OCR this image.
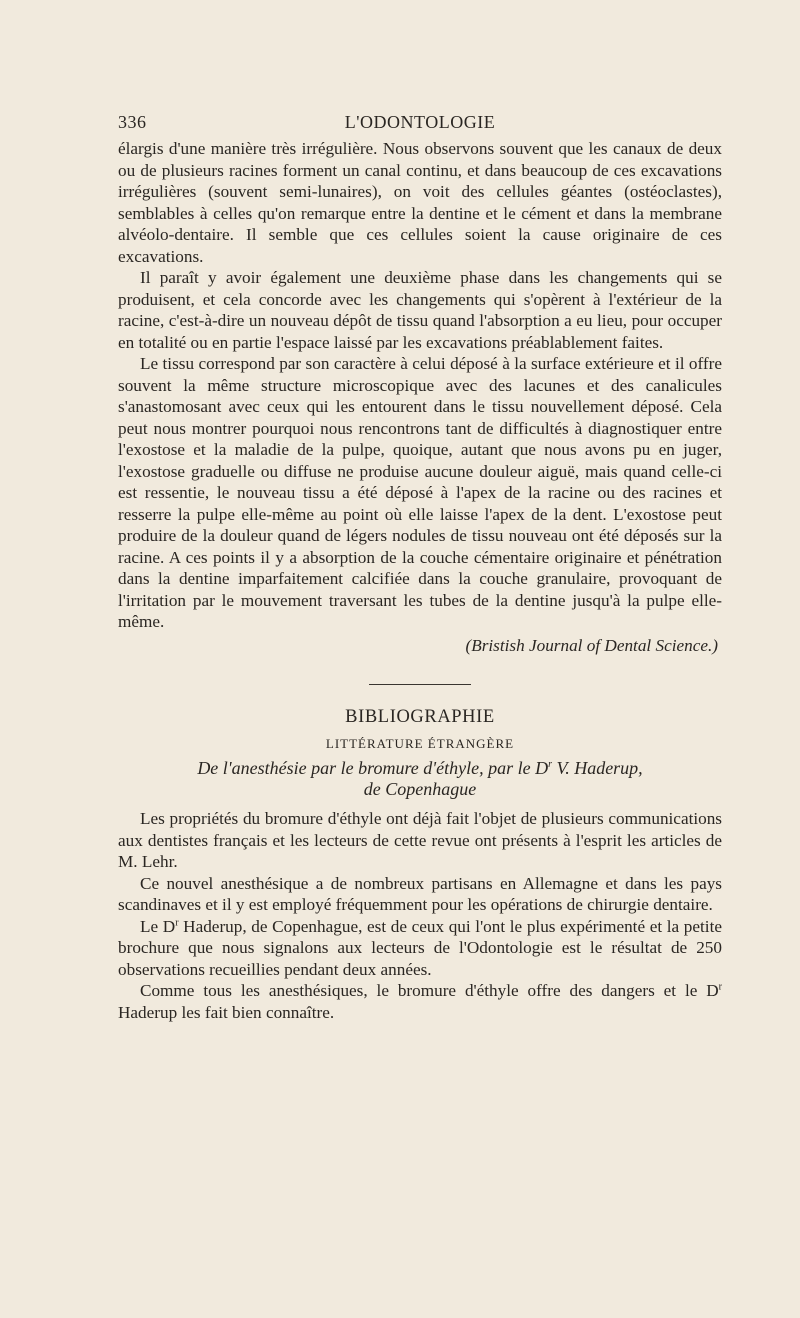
336	L'ODONTOLOGIE

élargis d'une manière très irrégulière. Nous observons souvent que les canaux de deux ou de plusieurs racines forment un canal continu, et dans beaucoup de ces excavations irrégulières (souvent semi-lunaires), on voit des cellules géantes (ostéoclastes), semblables à celles qu'on remarque entre la dentine et le cément et dans la membrane alvéolo-dentaire. Il semble que ces cellules soient la cause originaire de ces excavations.

Il paraît y avoir également une deuxième phase dans les changements qui se produisent, et cela concorde avec les changements qui s'opèrent à l'extérieur de la racine, c'est-à-dire un nouveau dépôt de tissu quand l'absorption a eu lieu, pour occuper en totalité ou en partie l'espace laissé par les excavations préablablement faites.

Le tissu correspond par son caractère à celui déposé à la surface extérieure et il offre souvent la même structure microscopique avec des lacunes et des canalicules s'anastomosant avec ceux qui les entourent dans le tissu nouvellement déposé. Cela peut nous montrer pourquoi nous rencontrons tant de difficultés à diagnostiquer entre l'exostose et la maladie de la pulpe, quoique, autant que nous avons pu en juger, l'exostose graduelle ou diffuse ne produise aucune douleur aiguë, mais quand celle-ci est ressentie, le nouveau tissu a été déposé à l'apex de la racine ou des racines et resserre la pulpe elle-même au point où elle laisse l'apex de la dent. L'exostose peut produire de la douleur quand de légers nodules de tissu nouveau ont été déposés sur la racine. A ces points il y a absorption de la couche cémentaire originaire et pénétration dans la dentine imparfaitement calcifiée dans la couche granulaire, provoquant de l'irritation par le mouvement traversant les tubes de la dentine jusqu'à la pulpe elle-même.

(Bristish Journal of Dental Science.)

BIBLIOGRAPHIE
LITTÉRATURE ÉTRANGÈRE
De l'anesthésie par le bromure d'éthyle, par le $D^r$ V. Haderup,
de Copenhague

Les propriétés du bromure d'éthyle ont déjà fait l'objet de plusieurs communications aux dentistes français et les lecteurs de cette revue ont présents à l'esprit les articles de M. Lehr.

Ce nouvel anesthésique a de nombreux partisans en Allemagne et dans les pays scandinaves et il y est employé fréquemment pour les opérations de chirurgie dentaire.

Le $D^r$ Haderup, de Copenhague, est de ceux qui l'ont le plus expérimenté et la petite brochure que nous signalons aux lecteurs de l'Odontologie est le résultat de 250 observations recueillies pendant deux années.

Comme tous les anesthésiques, le bromure d'éthyle offre des dangers et le $D^r$ Haderup les fait bien connaître.
